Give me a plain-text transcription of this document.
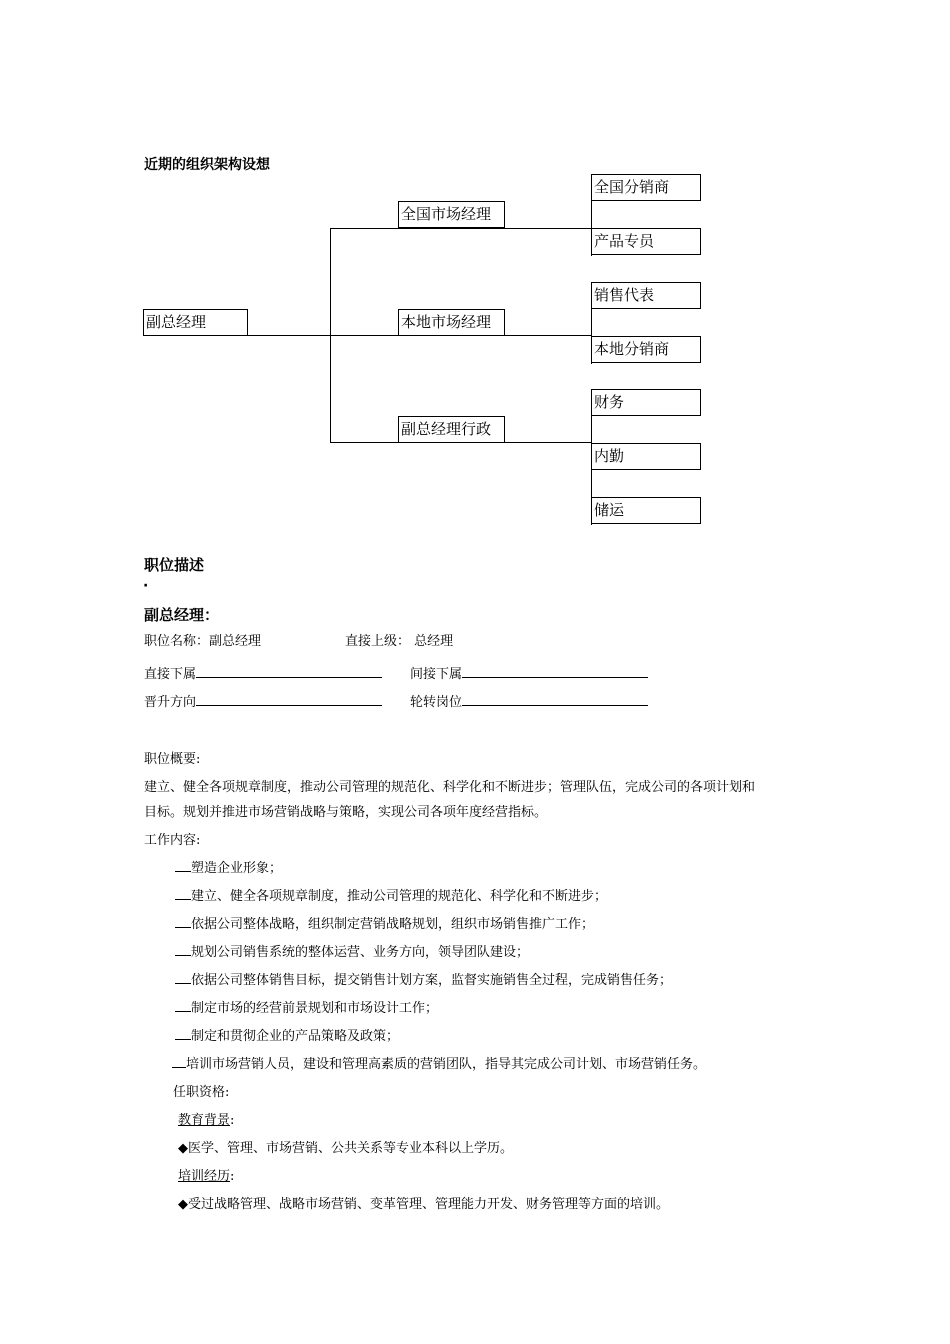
近期的组织架构设想
副总经理
全国市场经理
本地市场经理
副总经理行政
全国分销商
产品专员
销售代表
本地分销商
财务
内勤
储运
职位描述
·
副总经理：
职位名称：副总经理	直接上级： 总经理
直接下属	间接下属
晋升方向	轮转岗位
职位概要:
建立、健全各项规章制度，推动公司管理的规范化、科学化和不断进步；管理队伍，完成公司的各项计划和
目标。规划并推进市场营销战略与策略，实现公司各项年度经营指标。
工作内容:
塑造企业形象；
建立、健全各项规章制度，推动公司管理的规范化、科学化和不断进步；
依据公司整体战略，组织制定营销战略规划，组织市场销售推广工作；
规划公司销售系统的整体运营、业务方向，领导团队建设；
依据公司整体销售目标，提交销售计划方案，监督实施销售全过程，完成销售任务；
制定市场的经营前景规划和市场设计工作；
制定和贯彻企业的产品策略及政策；
培训市场营销人员，建设和管理高素质的营销团队，指导其完成公司计划、市场营销任务。
任职资格:
教育背景:
◆医学、管理、市场营销、公共关系等专业本科以上学历。
培训经历:
◆受过战略管理、战略市场营销、变革管理、管理能力开发、财务管理等方面的培训。
